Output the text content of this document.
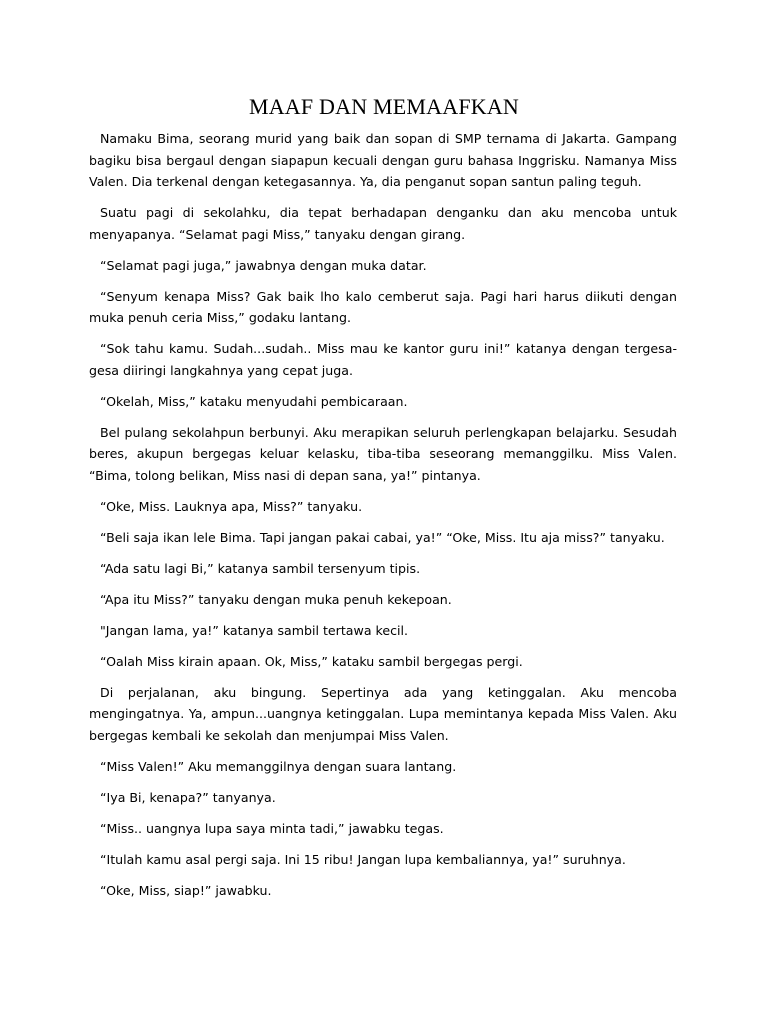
MAAF DAN MEMAAFKAN

Namaku Bima, seorang murid yang baik dan sopan di SMP ternama di Jakarta. Gampang bagiku bisa bergaul dengan siapapun kecuali dengan guru bahasa Inggrisku. Namanya Miss Valen. Dia terkenal dengan ketegasannya. Ya, dia penganut sopan santun paling teguh.

Suatu pagi di sekolahku, dia tepat berhadapan denganku dan aku mencoba untuk menyapanya. “Selamat pagi Miss,” tanyaku dengan girang.

“Selamat pagi juga,” jawabnya dengan muka datar.

“Senyum kenapa Miss? Gak baik lho kalo cemberut saja. Pagi hari harus diikuti dengan muka penuh ceria Miss,” godaku lantang.

“Sok tahu kamu. Sudah...sudah.. Miss mau ke kantor guru ini!” katanya dengan tergesa-gesa diiringi langkahnya yang cepat juga.

“Okelah, Miss,” kataku menyudahi pembicaraan.

Bel pulang sekolahpun berbunyi. Aku merapikan seluruh perlengkapan belajarku. Sesudah beres, akupun bergegas keluar kelasku, tiba-tiba seseorang memanggilku. Miss Valen. “Bima, tolong belikan, Miss nasi di depan sana, ya!” pintanya.

“Oke, Miss. Lauknya apa, Miss?” tanyaku.

“Beli saja ikan lele Bima. Tapi jangan pakai cabai, ya!” “Oke, Miss. Itu aja miss?” tanyaku.

“Ada satu lagi Bi,” katanya sambil tersenyum tipis.

“Apa itu Miss?” tanyaku dengan muka penuh kekepoan.

"Jangan lama, ya!” katanya sambil tertawa kecil.

“Oalah Miss kirain apaan. Ok, Miss,” kataku sambil bergegas pergi.

Di perjalanan, aku bingung. Sepertinya ada yang ketinggalan. Aku mencoba mengingatnya. Ya, ampun...uangnya ketinggalan. Lupa memintanya kepada Miss Valen. Aku bergegas kembali ke sekolah dan menjumpai Miss Valen.

“Miss Valen!” Aku memanggilnya dengan suara lantang.

“Iya Bi, kenapa?” tanyanya.

“Miss.. uangnya lupa saya minta tadi,” jawabku tegas.

“Itulah kamu asal pergi saja. Ini 15 ribu! Jangan lupa kembaliannya, ya!” suruhnya.

“Oke, Miss, siap!” jawabku.
